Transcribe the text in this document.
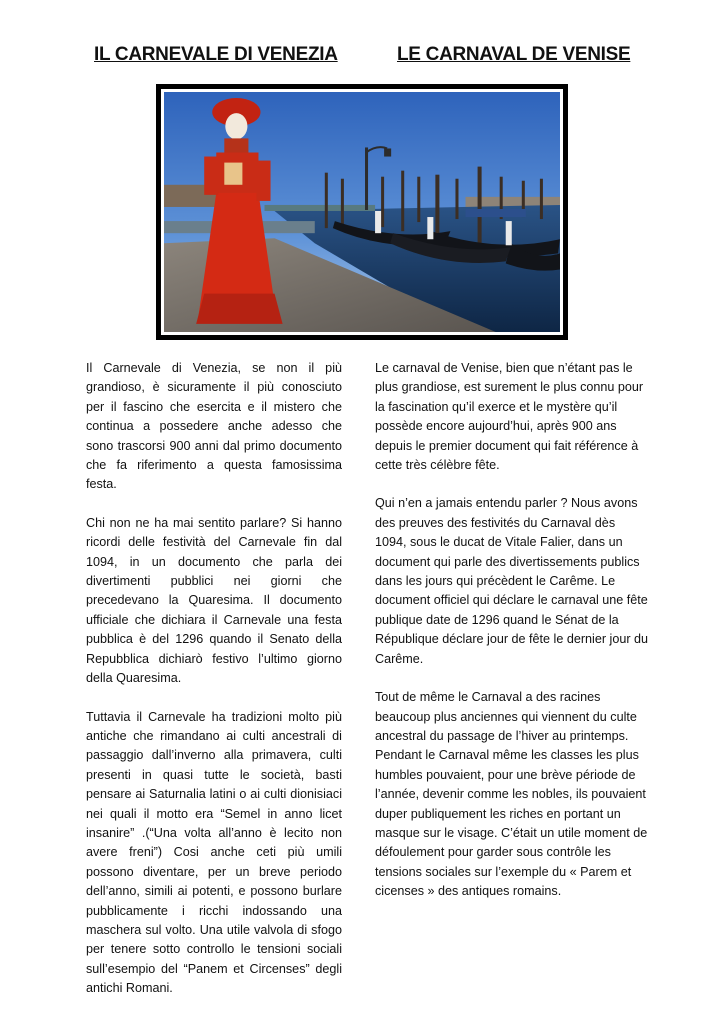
IL CARNEVALE DI VENEZIA	LE CARNAVAL DE VENISE

Il Carnevale di Venezia, se non il più grandioso, è sicuramente il più conosciuto per il fascino che esercita e il mistero che continua a possedere anche adesso che sono trascorsi 900 anni dal primo documento che fa riferimento a questa famosissima festa.

Chi non ne ha mai sentito parlare? Si hanno ricordi delle festività del Carnevale fin dal 1094, in un documento che parla dei divertimenti pubblici nei giorni che precedevano la Quaresima. Il documento ufficiale che dichiara il Carnevale una festa pubblica è del 1296 quando il Senato della Repubblica dichiarò festivo l’ultimo giorno della Quaresima.

Tuttavia il Carnevale ha tradizioni molto più antiche che rimandano ai culti ancestrali di passaggio dall’inverno alla primavera, culti presenti in quasi tutte le società, basti pensare ai Saturnalia latini o ai culti dionisiaci nei quali il motto era “Semel in anno licet insanire” .(“Una volta all’anno è lecito non avere freni”) Cosi anche ceti più umili possono diventare, per un breve periodo dell’anno, simili ai potenti, e possono burlare pubblicamente i ricchi indossando una maschera sul volto. Una utile valvola di sfogo per tenere sotto controllo le tensioni sociali sull’esempio del “Panem et Circenses” degli antichi Romani.

Le carnaval de Venise, bien que n’étant pas le plus grandiose, est surement le plus connu pour la fascination qu’il exerce et le mystère qu’il possède encore aujourd’hui, après 900 ans depuis le premier document qui fait référence à cette très célèbre fête.

Qui n’en a jamais entendu parler ? Nous avons des preuves des festivités du Carnaval dès 1094, sous le ducat de Vitale Falier, dans un document qui parle des divertissements publics dans les jours qui précèdent le Carême. Le document officiel qui déclare le carnaval une fête publique date de 1296 quand le Sénat de la République déclare jour de fête le dernier jour du Carême.

Tout de même le Carnaval a des racines beaucoup plus anciennes qui viennent du culte ancestral du passage de l’hiver au printemps. Pendant le Carnaval même les classes les plus humbles pouvaient, pour une brève période de l’année, devenir comme les nobles, ils pouvaient duper publiquement les riches en portant un masque sur le visage. C’était un utile moment de défoulement pour garder sous contrôle les tensions sociales sur l’exemple du « Parem et cicenses » des antiques romains.
